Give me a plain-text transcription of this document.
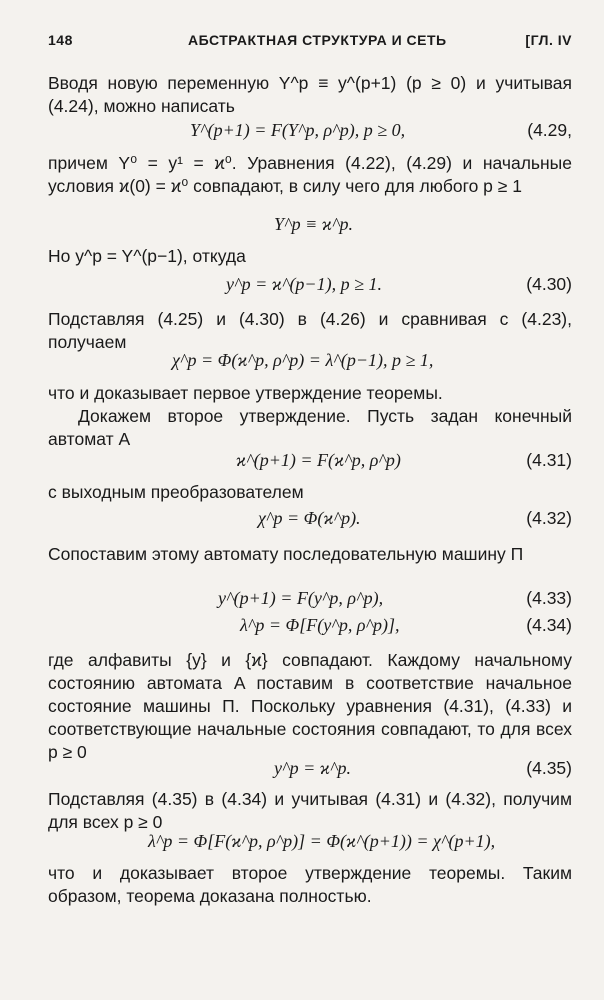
148	АБСТРАКТНАЯ СТРУКТУРА И СЕТЬ	[ГЛ. IV
Вводя новую переменную Y^p ≡ y^(p+1) (p ≥ 0) и учитывая (4.24), можно написать
Y^(p+1) = F(Y^p, ρ^p), p ≥ 0,	(4.29,
причем Y⁰ = y¹ = ϰ⁰. Уравнения (4.22), (4.29) и начальные условия ϰ(0) = ϰ⁰ совпадают, в силу чего для любого p ≥ 1
Y^p ≡ ϰ^p.
Но y^p = Y^(p−1), откуда
y^p = ϰ^(p−1), p ≥ 1.	(4.30)
Подставляя (4.25) и (4.30) в (4.26) и сравнивая с (4.23), получаем
χ^p = Φ(ϰ^p, ρ^p) = λ^(p−1), p ≥ 1,
что и доказывает первое утверждение теоремы.
Докажем второе утверждение. Пусть задан конечный автомат A
ϰ^(p+1) = F(ϰ^p, ρ^p)	(4.31)
с выходным преобразователем
χ^p = Φ(ϰ^p).	(4.32)
Сопоставим этому автомату последовательную машину Π
y^(p+1) = F(y^p, ρ^p),	(4.33)
λ^p = Φ[F(y^p, ρ^p)],	(4.34)
где алфавиты {y} и {ϰ} совпадают. Каждому начальному состоянию автомата A поставим в соответствие начальное состояние машины Π. Поскольку уравнения (4.31), (4.33) и соответствующие начальные состояния совпадают, то для всех p ≥ 0
y^p = ϰ^p.	(4.35)
Подставляя (4.35) в (4.34) и учитывая (4.31) и (4.32), получим для всех p ≥ 0
λ^p = Φ[F(ϰ^p, ρ^p)] = Φ(ϰ^(p+1)) = χ^(p+1),
что и доказывает второе утверждение теоремы. Таким образом, теорема доказана полностью.
